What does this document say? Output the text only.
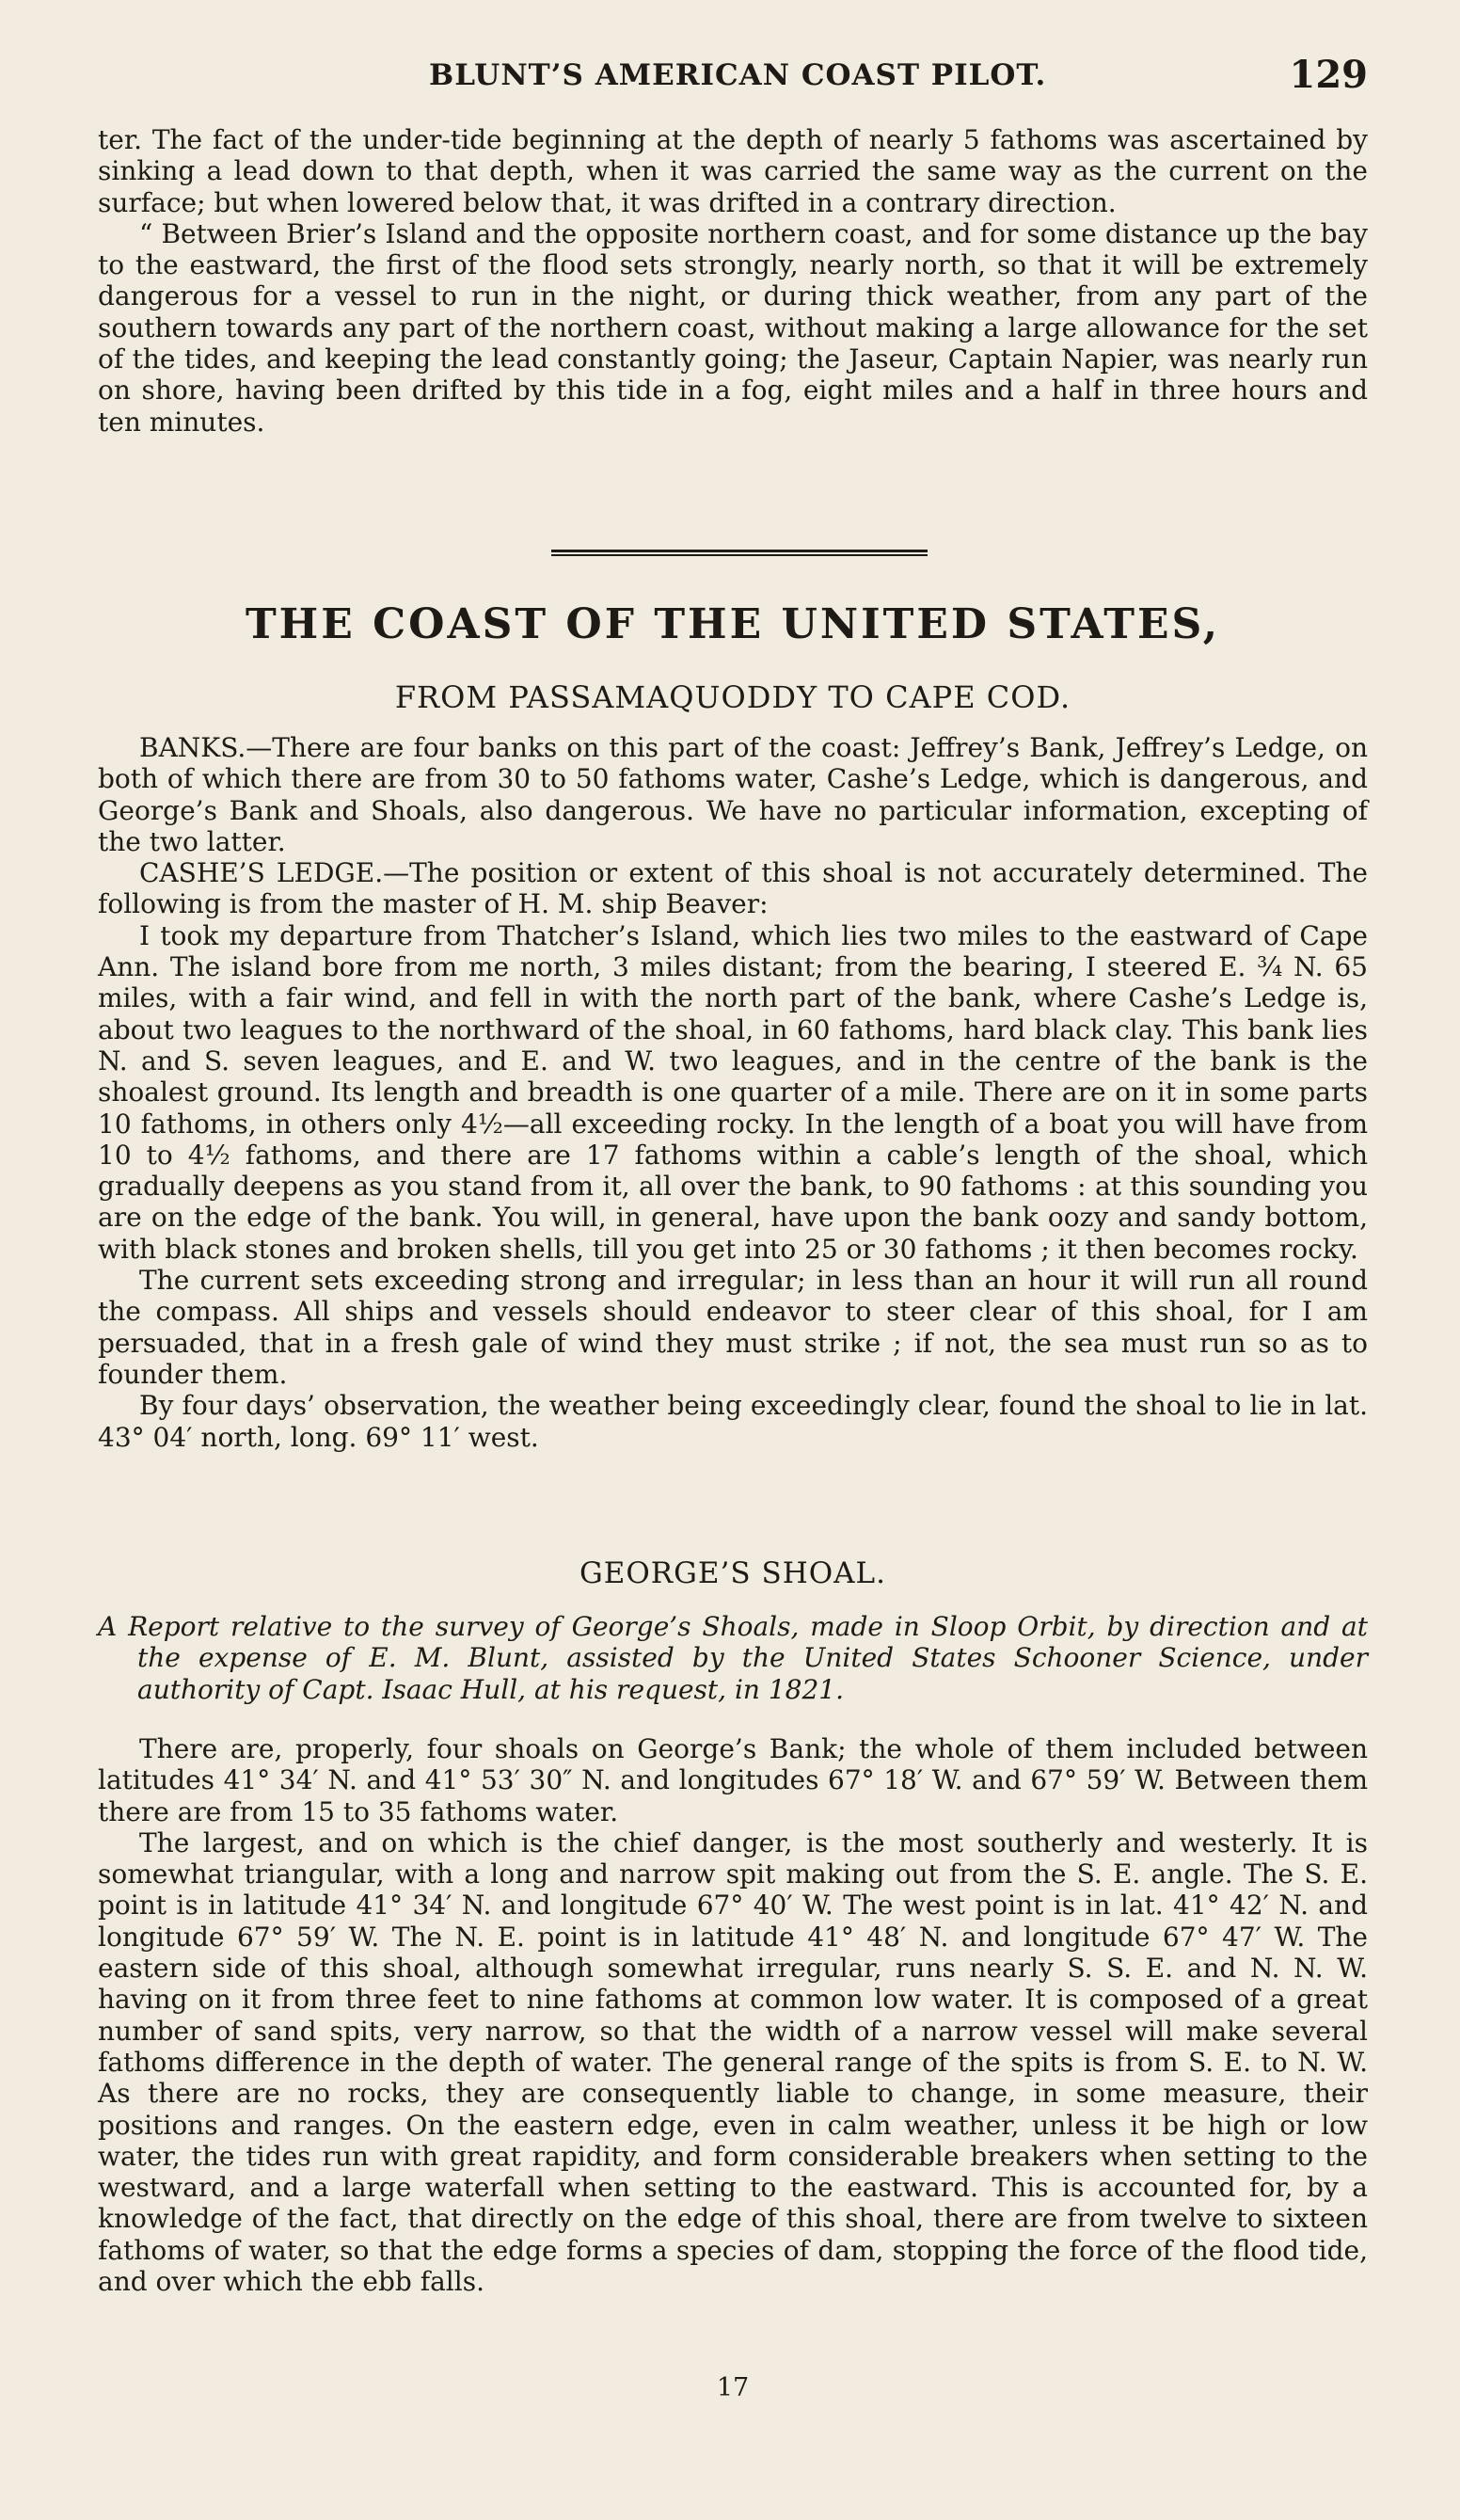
BLUNT’S AMERICAN COAST PILOT.	129

ter. The fact of the under-tide beginning at the depth of nearly 5 fathoms was ascertained by sinking a lead down to that depth, when it was carried the same way as the current on the surface; but when lowered below that, it was drifted in a contrary direction.

“ Between Brier’s Island and the opposite northern coast, and for some distance up the bay to the eastward, the first of the flood sets strongly, nearly north, so that it will be extremely dangerous for a vessel to run in the night, or during thick weather, from any part of the southern towards any part of the northern coast, without making a large allowance for the set of the tides, and keeping the lead constantly going; the Jaseur, Captain Napier, was nearly run on shore, having been drifted by this tide in a fog, eight miles and a half in three hours and ten minutes.

THE COAST OF THE UNITED STATES,
FROM PASSAMAQUODDY TO CAPE COD.

BANKS.—There are four banks on this part of the coast: Jeffrey’s Bank, Jeffrey’s Ledge, on both of which there are from 30 to 50 fathoms water, Cashe’s Ledge, which is dangerous, and George’s Bank and Shoals, also dangerous. We have no particular information, excepting of the two latter.

CASHE’S LEDGE.—The position or extent of this shoal is not accurately determined. The following is from the master of H. M. ship Beaver:

I took my departure from Thatcher’s Island, which lies two miles to the eastward of Cape Ann. The island bore from me north, 3 miles distant; from the bearing, I steered E. ¾ N. 65 miles, with a fair wind, and fell in with the north part of the bank, where Cashe’s Ledge is, about two leagues to the northward of the shoal, in 60 fathoms, hard black clay. This bank lies N. and S. seven leagues, and E. and W. two leagues, and in the centre of the bank is the shoalest ground. Its length and breadth is one quarter of a mile. There are on it in some parts 10 fathoms, in others only 4½—all exceeding rocky. In the length of a boat you will have from 10 to 4½ fathoms, and there are 17 fathoms within a cable’s length of the shoal, which gradually deepens as you stand from it, all over the bank, to 90 fathoms : at this sounding you are on the edge of the bank. You will, in general, have upon the bank oozy and sandy bottom, with black stones and broken shells, till you get into 25 or 30 fathoms ; it then becomes rocky.

The current sets exceeding strong and irregular; in less than an hour it will run all round the compass. All ships and vessels should endeavor to steer clear of this shoal, for I am persuaded, that in a fresh gale of wind they must strike ; if not, the sea must run so as to founder them.

By four days’ observation, the weather being exceedingly clear, found the shoal to lie in lat. 43° 04′ north, long. 69° 11′ west.

GEORGE’S SHOAL.

A Report relative to the survey of George’s Shoals, made in Sloop Orbit, by direction and at the expense of E. M. Blunt, assisted by the United States Schooner Science, under authority of Capt. Isaac Hull, at his request, in 1821.

There are, properly, four shoals on George’s Bank; the whole of them included between latitudes 41° 34′ N. and 41° 53′ 30″ N. and longitudes 67° 18′ W. and 67° 59′ W. Between them there are from 15 to 35 fathoms water.

The largest, and on which is the chief danger, is the most southerly and westerly. It is somewhat triangular, with a long and narrow spit making out from the S. E. angle. The S. E. point is in latitude 41° 34′ N. and longitude 67° 40′ W. The west point is in lat. 41° 42′ N. and longitude 67° 59′ W. The N. E. point is in latitude 41° 48′ N. and longitude 67° 47′ W. The eastern side of this shoal, although somewhat irregular, runs nearly S. S. E. and N. N. W. having on it from three feet to nine fathoms at common low water. It is composed of a great number of sand spits, very narrow, so that the width of a narrow vessel will make several fathoms difference in the depth of water. The general range of the spits is from S. E. to N. W. As there are no rocks, they are consequently liable to change, in some measure, their positions and ranges. On the eastern edge, even in calm weather, unless it be high or low water, the tides run with great rapidity, and form considerable breakers when setting to the westward, and a large waterfall when setting to the eastward. This is accounted for, by a knowledge of the fact, that directly on the edge of this shoal, there are from twelve to sixteen fathoms of water, so that the edge forms a species of dam, stopping the force of the flood tide, and over which the ebb falls.

17
